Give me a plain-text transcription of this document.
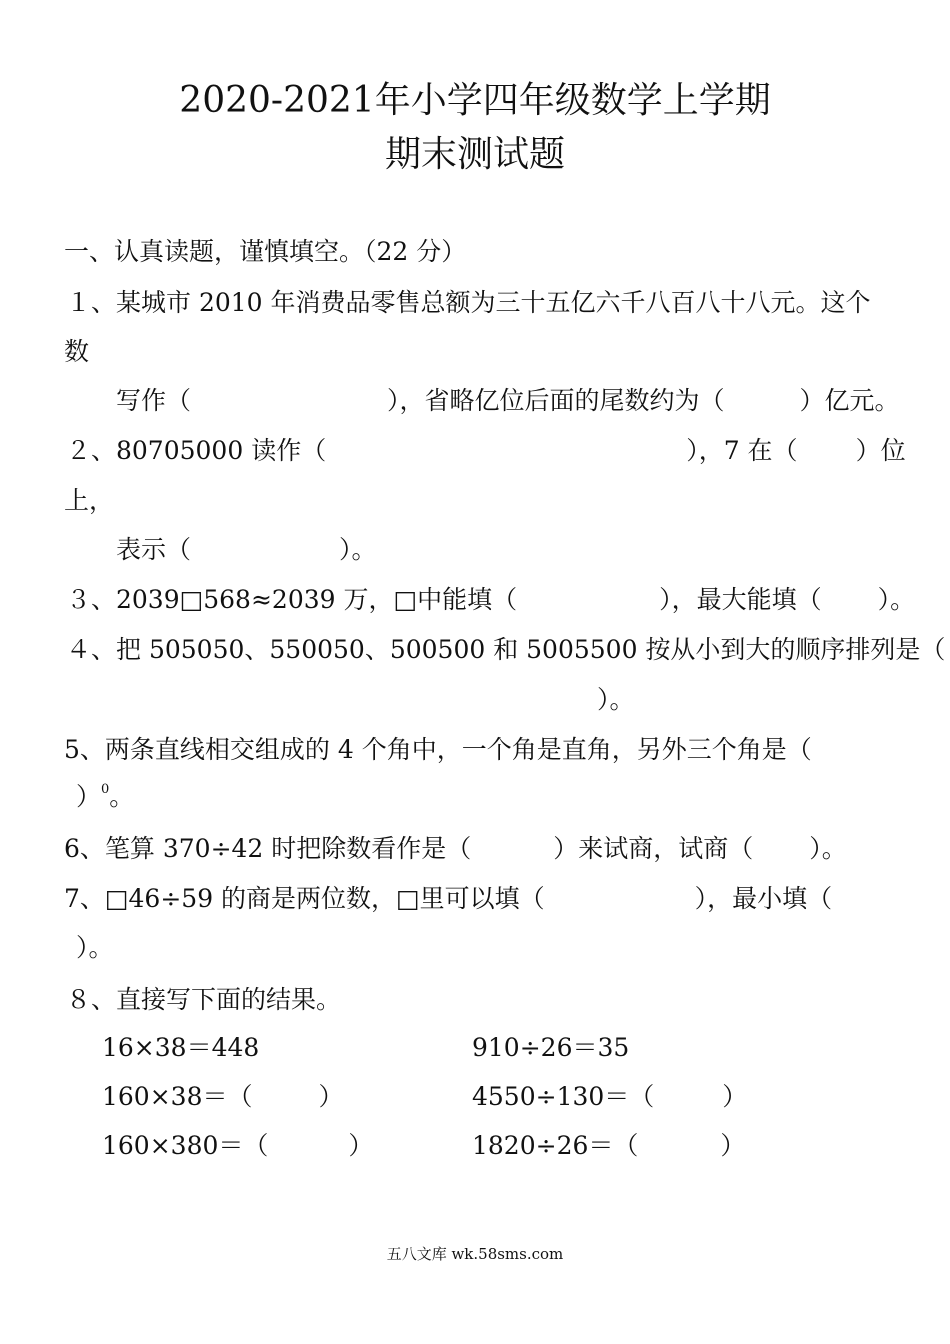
2020-2021年小学四年级数学上学期
期末测试题
一、认真读题，谨慎填空。（22 分）
１、某城市 2010 年消费品零售总额为三十五亿六千八百八十八元。这个
数
写作（	），省略亿位后面的尾数约为（	）亿元。
２、80705000 读作（	），7 在（ ）位
上，
表示（	）。
３、2039□568≈2039 万，□中能填（	），最大能填（ ）。
４、把 505050、550050、500500 和 5005500 按从小到大的顺序排列是（
）。
5、两条直线相交组成的 4 个角中，一个角是直角，另外三个角是（
）$^0$。
6、笔算 370÷42 时把除数看作是（	）来试商，试商（ ）。
7、□46÷59 的商是两位数，□里可以填（	），最小填（
）。
８、直接写下面的结果。
16×38＝448	910÷26＝35
160×38＝（	）	4550÷130＝（	）
160×380＝（	）	1820÷26＝（	）
五八文库 wk.58sms.com
